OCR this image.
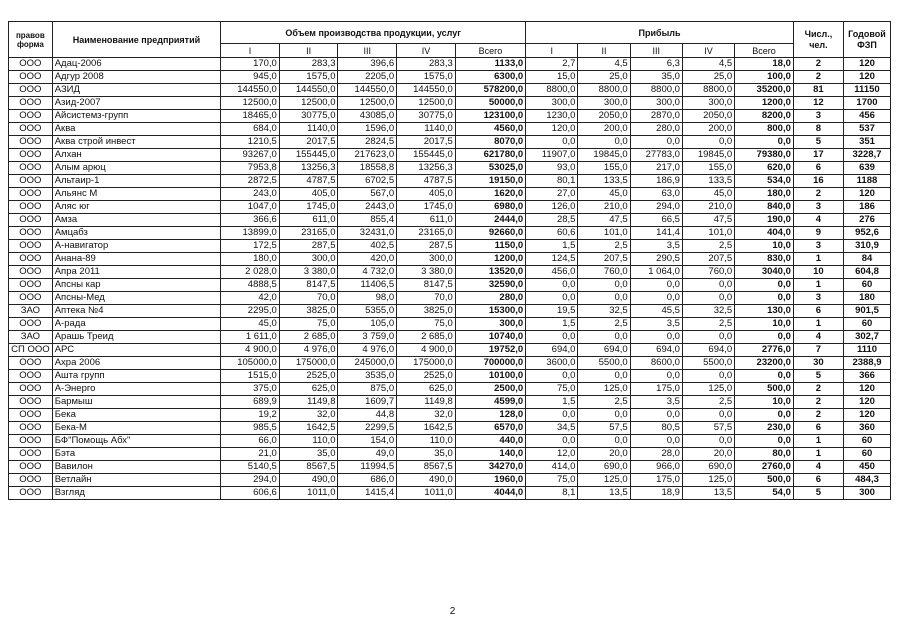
правов форма	Наименование предприятий	Объем производства продукции, услуг					Прибыль					Числ., чел.	Годовой ФЗП
		I	II	III	IV	Всего	I	II	III	IV	Всего		
ООО	Адац-2006	170,0	283,3	396,6	283,3	1133,0	2,7	4,5	6,3	4,5	18,0	2	120
ООО	Адгур 2008	945,0	1575,0	2205,0	1575,0	6300,0	15,0	25,0	35,0	25,0	100,0	2	120
ООО	АЗИД	144550,0	144550,0	144550,0	144550,0	578200,0	8800,0	8800,0	8800,0	8800,0	35200,0	81	11150
ООО	Азид-2007	12500,0	12500,0	12500,0	12500,0	50000,0	300,0	300,0	300,0	300,0	1200,0	12	1700
ООО	Айсистемз-групп	18465,0	30775,0	43085,0	30775,0	123100,0	1230,0	2050,0	2870,0	2050,0	8200,0	3	456
ООО	Аква	684,0	1140,0	1596,0	1140,0	4560,0	120,0	200,0	280,0	200,0	800,0	8	537
ООО	Аква строй инвест	1210,5	2017,5	2824,5	2017,5	8070,0	0,0	0,0	0,0	0,0	0,0	5	351
ООО	Алхан	93267,0	155445,0	217623,0	155445,0	621780,0	11907,0	19845,0	27783,0	19845,0	79380,0	17	3228,7
ООО	Алым арюц	7953,8	13256,3	18558,8	13256,3	53025,0	93,0	155,0	217,0	155,0	620,0	6	639
ООО	Альтаир-1	2872,5	4787,5	6702,5	4787,5	19150,0	80,1	133,5	186,9	133,5	534,0	16	1188
ООО	Альянс М	243,0	405,0	567,0	405,0	1620,0	27,0	45,0	63,0	45,0	180,0	2	120
ООО	Аляс юг	1047,0	1745,0	2443,0	1745,0	6980,0	126,0	210,0	294,0	210,0	840,0	3	186
ООО	Амза	366,6	611,0	855,4	611,0	2444,0	28,5	47,5	66,5	47,5	190,0	4	276
ООО	Амцабз	13899,0	23165,0	32431,0	23165,0	92660,0	60,6	101,0	141,4	101,0	404,0	9	952,6
ООО	А-навигатор	172,5	287,5	402,5	287,5	1150,0	1,5	2,5	3,5	2,5	10,0	3	310,9
ООО	Анана-89	180,0	300,0	420,0	300,0	1200,0	124,5	207,5	290,5	207,5	830,0	1	84
ООО	Апра 2011	2 028,0	3 380,0	4 732,0	3 380,0	13520,0	456,0	760,0	1 064,0	760,0	3040,0	10	604,8
ООО	Апсны кар	4888,5	8147,5	11406,5	8147,5	32590,0	0,0	0,0	0,0	0,0	0,0	1	60
ООО	Апсны-Мед	42,0	70,0	98,0	70,0	280,0	0,0	0,0	0,0	0,0	0,0	3	180
ЗАО	Аптека №4	2295,0	3825,0	5355,0	3825,0	15300,0	19,5	32,5	45,5	32,5	130,0	6	901,5
ООО	А-рада	45,0	75,0	105,0	75,0	300,0	1,5	2,5	3,5	2,5	10,0	1	60
ЗАО	Арашь Треид	1 611,0	2 685,0	3 759,0	2 685,0	10740,0	0,0	0,0	0,0	0,0	0,0	4	302,7
СП ООО	АРС	4 900,0	4 976,0	4 976,0	4 900,0	19752,0	694,0	694,0	694,0	694,0	2776,0	7	1110
ООО	Ахра 2006	105000,0	175000,0	245000,0	175000,0	700000,0	3600,0	5500,0	8600,0	5500,0	23200,0	30	2388,9
ООО	Ашта групп	1515,0	2525,0	3535,0	2525,0	10100,0	0,0	0,0	0,0	0,0	0,0	5	366
ООО	А-Энерго	375,0	625,0	875,0	625,0	2500,0	75,0	125,0	175,0	125,0	500,0	2	120
ООО	Бармыш	689,9	1149,8	1609,7	1149,8	4599,0	1,5	2,5	3,5	2,5	10,0	2	120
ООО	Бека	19,2	32,0	44,8	32,0	128,0	0,0	0,0	0,0	0,0	0,0	2	120
ООО	Бека-М	985,5	1642,5	2299,5	1642,5	6570,0	34,5	57,5	80,5	57,5	230,0	6	360
ООО	БФ"Помощь Абх"	66,0	110,0	154,0	110,0	440,0	0,0	0,0	0,0	0,0	0,0	1	60
ООО	Бэта	21,0	35,0	49,0	35,0	140,0	12,0	20,0	28,0	20,0	80,0	1	60
ООО	Вавилон	5140,5	8567,5	11994,5	8567,5	34270,0	414,0	690,0	966,0	690,0	2760,0	4	450
ООО	Ветлайн	294,0	490,0	686,0	490,0	1960,0	75,0	125,0	175,0	125,0	500,0	6	484,3
ООО	Взгляд	606,6	1011,0	1415,4	1011,0	4044,0	8,1	13,5	18,9	13,5	54,0	5	300
2
